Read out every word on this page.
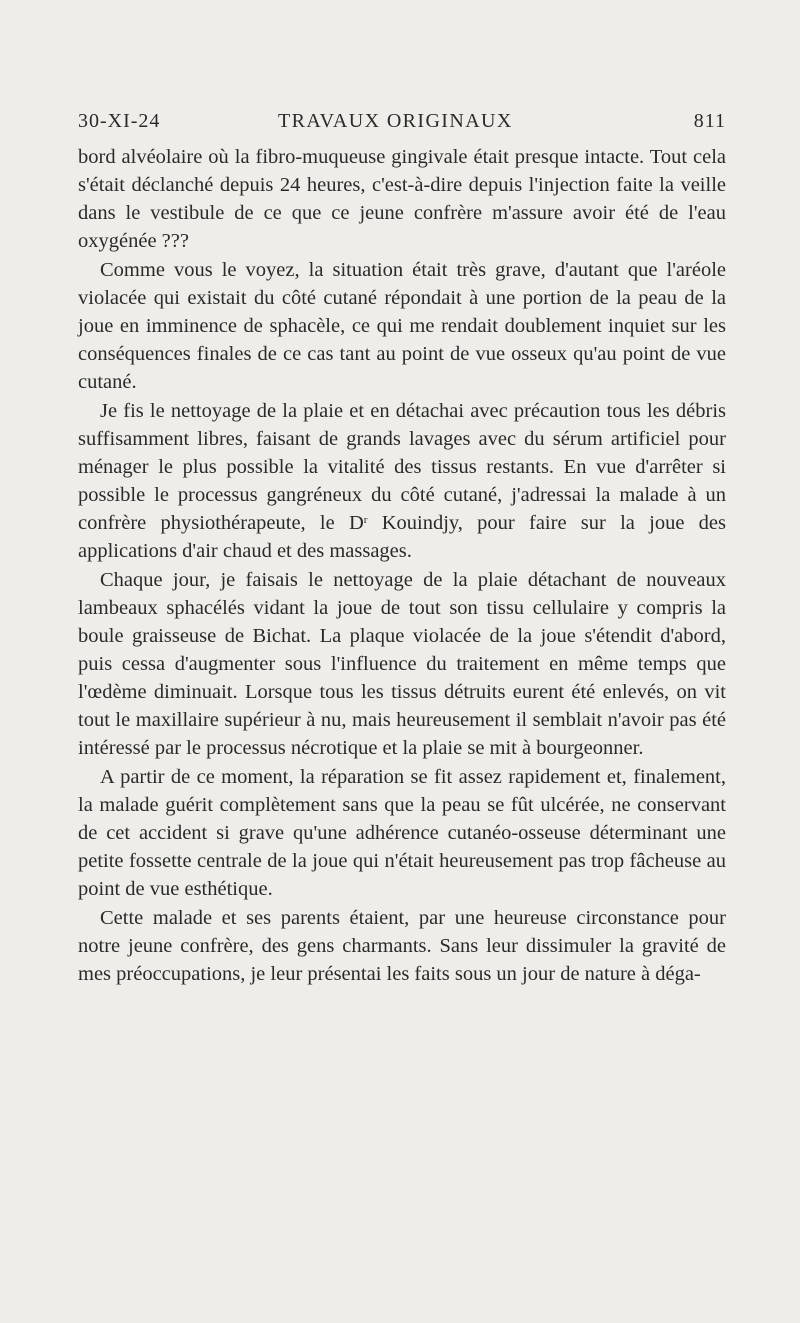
30-XI-24	TRAVAUX ORIGINAUX	811

bord alvéolaire où la fibro-muqueuse gingivale était presque intacte. Tout cela s'était déclanché depuis 24 heures, c'est-à-dire depuis l'injection faite la veille dans le vestibule de ce que ce jeune confrère m'assure avoir été de l'eau oxygénée ???

Comme vous le voyez, la situation était très grave, d'autant que l'aréole violacée qui existait du côté cutané répondait à une portion de la peau de la joue en imminence de sphacèle, ce qui me rendait doublement inquiet sur les conséquences finales de ce cas tant au point de vue osseux qu'au point de vue cutané.

Je fis le nettoyage de la plaie et en détachai avec précaution tous les débris suffisamment libres, faisant de grands lavages avec du sérum artificiel pour ménager le plus possible la vitalité des tissus restants. En vue d'arrêter si possible le processus gangréneux du côté cutané, j'adressai la malade à un confrère physiothérapeute, le $D^r$ Kouindjy, pour faire sur la joue des applications d'air chaud et des massages.

Chaque jour, je faisais le nettoyage de la plaie détachant de nouveaux lambeaux sphacélés vidant la joue de tout son tissu cellulaire y compris la boule graisseuse de Bichat. La plaque violacée de la joue s'étendit d'abord, puis cessa d'augmenter sous l'influence du traitement en même temps que l'œdème diminuait. Lorsque tous les tissus détruits eurent été enlevés, on vit tout le maxillaire supérieur à nu, mais heureusement il semblait n'avoir pas été intéressé par le processus nécrotique et la plaie se mit à bourgeonner.

A partir de ce moment, la réparation se fit assez rapidement et, finalement, la malade guérit complètement sans que la peau se fût ulcérée, ne conservant de cet accident si grave qu'une adhérence cutanéo-osseuse déterminant une petite fossette centrale de la joue qui n'était heureusement pas trop fâcheuse au point de vue esthétique.

Cette malade et ses parents étaient, par une heureuse circonstance pour notre jeune confrère, des gens charmants. Sans leur dissimuler la gravité de mes préoccupations, je leur présentai les faits sous un jour de nature à déga-
